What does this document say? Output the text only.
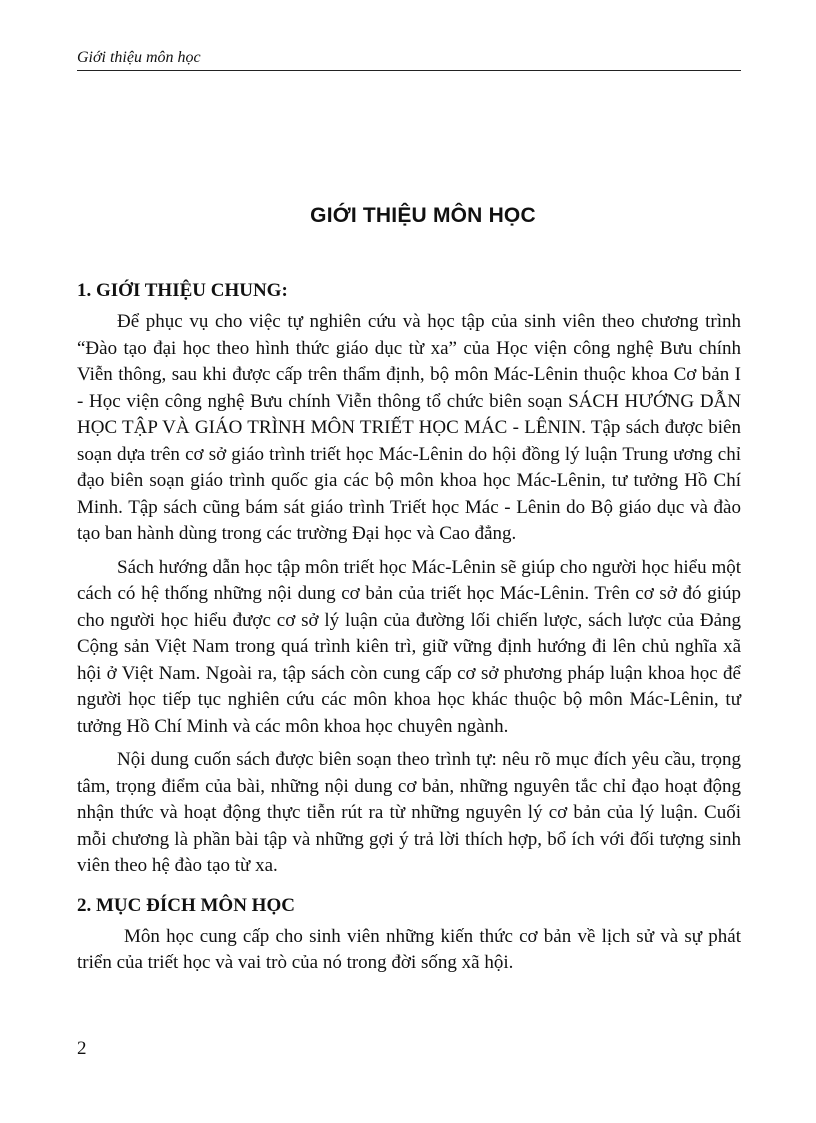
Giới thiệu môn học
GIỚI THIỆU MÔN HỌC
1. GIỚI THIỆU CHUNG:

Để phục vụ cho việc tự nghiên cứu và học tập của sinh viên theo chương trình “Đào tạo đại học theo hình thức giáo dục từ xa” của Học viện công nghệ Bưu chính Viễn thông, sau khi được cấp trên thẩm định, bộ môn Mác-Lênin thuộc khoa Cơ bản I - Học viện công nghệ Bưu chính Viễn thông tổ chức biên soạn SÁCH HƯỚNG DẪN HỌC TẬP VÀ GIÁO TRÌNH MÔN TRIẾT HỌC MÁC - LÊNIN. Tập sách được biên soạn dựa trên cơ sở giáo trình triết học Mác-Lênin do hội đồng lý luận Trung ương chỉ đạo biên soạn giáo trình quốc gia các bộ môn khoa học Mác-Lênin, tư tưởng Hồ Chí Minh. Tập sách cũng bám sát giáo trình Triết học Mác - Lênin do Bộ giáo dục và đào tạo ban hành dùng trong các trường Đại học và Cao đẳng.

Sách hướng dẫn học tập môn triết học Mác-Lênin sẽ giúp cho người học hiểu một cách có hệ thống những nội dung cơ bản của triết học Mác-Lênin. Trên cơ sở đó giúp cho người học hiểu được cơ sở lý luận của đường lối chiến lược, sách lược của Đảng Cộng sản Việt Nam trong quá trình kiên trì, giữ vững định hướng đi lên chủ nghĩa xã hội ở Việt Nam. Ngoài ra, tập sách còn cung cấp cơ sở phương pháp luận khoa học để người học tiếp tục nghiên cứu các môn khoa học khác thuộc bộ môn Mác-Lênin, tư tưởng Hồ Chí Minh và các môn khoa học chuyên ngành.

Nội dung cuốn sách được biên soạn theo trình tự: nêu rõ mục đích yêu cầu, trọng tâm, trọng điểm của bài, những nội dung cơ bản, những nguyên tắc chỉ đạo hoạt động nhận thức và hoạt động thực tiễn rút ra từ những nguyên lý cơ bản của lý luận. Cuối mỗi chương là phần bài tập và những gợi ý trả lời thích hợp, bổ ích với đối tượng sinh viên theo hệ đào tạo từ xa.

2. MỤC ĐÍCH MÔN HỌC

Môn học cung cấp cho sinh viên những kiến thức cơ bản về lịch sử và sự phát triển của triết học và vai trò của nó trong đời sống xã hội.

2
